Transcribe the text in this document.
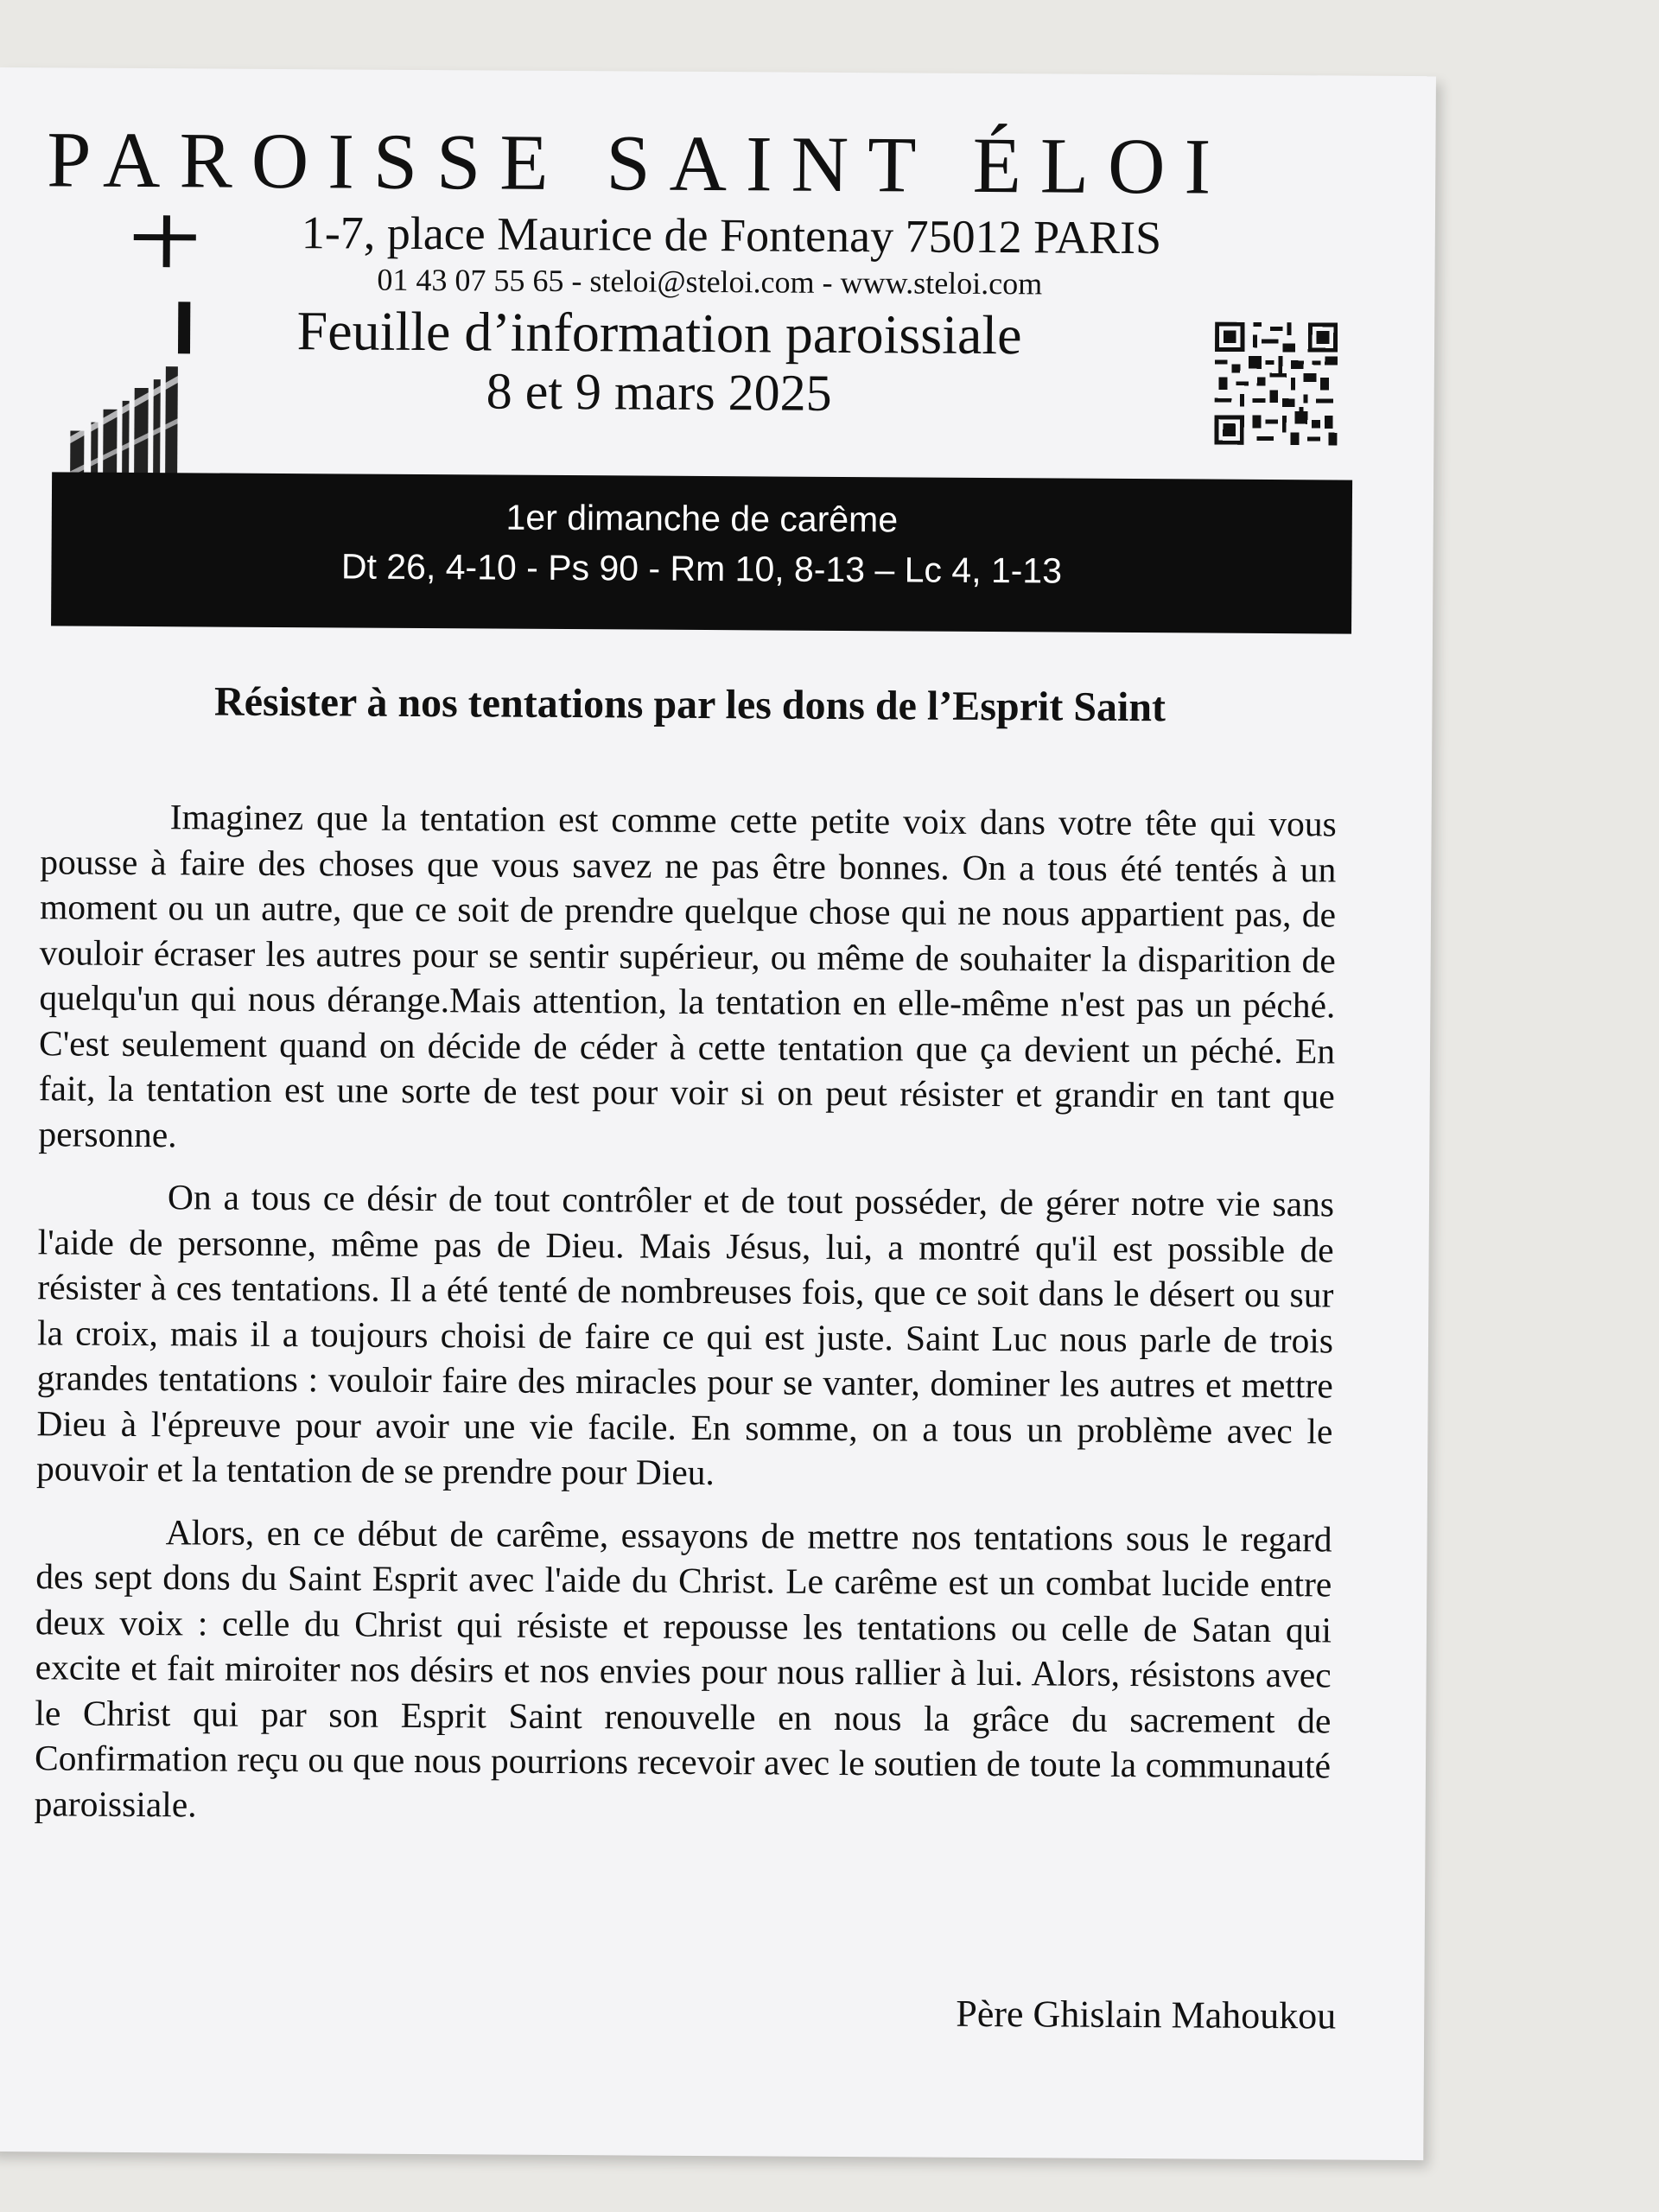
PAROISSE SAINT ÉLOI
1-7, place Maurice de Fontenay 75012 PARIS
01 43 07 55 65 - steloi@steloi.com - www.steloi.com
Feuille d’information paroissiale
8 et 9 mars 2025
1er dimanche de carême
Dt 26, 4-10 - Ps 90 - Rm 10, 8-13 – Lc 4, 1-13
Résister à nos tentations par les dons de l’Esprit Saint

Imaginez que la tentation est comme cette petite voix dans votre tête qui vous pousse à faire des choses que vous savez ne pas être bonnes. On a tous été tentés à un moment ou un autre, que ce soit de prendre quelque chose qui ne nous appartient pas, de vouloir écraser les autres pour se sentir supérieur, ou même de souhaiter la disparition de quelqu'un qui nous dérange.Mais attention, la tentation en elle-même n'est pas un péché. C'est seulement quand on décide de céder à cette tentation que ça devient un péché. En fait, la tentation est une sorte de test pour voir si on peut résister et grandir en tant que personne.

On a tous ce désir de tout contrôler et de tout posséder, de gérer notre vie sans l'aide de personne, même pas de Dieu. Mais Jésus, lui, a montré qu'il est possible de résister à ces tentations. Il a été tenté de nombreuses fois, que ce soit dans le désert ou sur la croix, mais il a toujours choisi de faire ce qui est juste. Saint Luc nous parle de trois grandes tentations : vouloir faire des miracles pour se vanter, dominer les autres et mettre Dieu à l'épreuve pour avoir une vie facile. En somme, on a tous un problème avec le pouvoir et la tentation de se prendre pour Dieu.

Alors, en ce début de carême, essayons de mettre nos tentations sous le regard des sept dons du Saint Esprit avec l'aide du Christ. Le carême est un combat lucide entre deux voix : celle du Christ qui résiste et repousse les tentations ou celle de Satan qui excite et fait miroiter nos désirs et nos envies pour nous rallier à lui. Alors, résistons avec le Christ qui par son Esprit Saint renouvelle en nous la grâce du sacrement de Confirmation reçu ou que nous pourrions recevoir avec le soutien de toute la communauté paroissiale.

Père Ghislain Mahoukou
